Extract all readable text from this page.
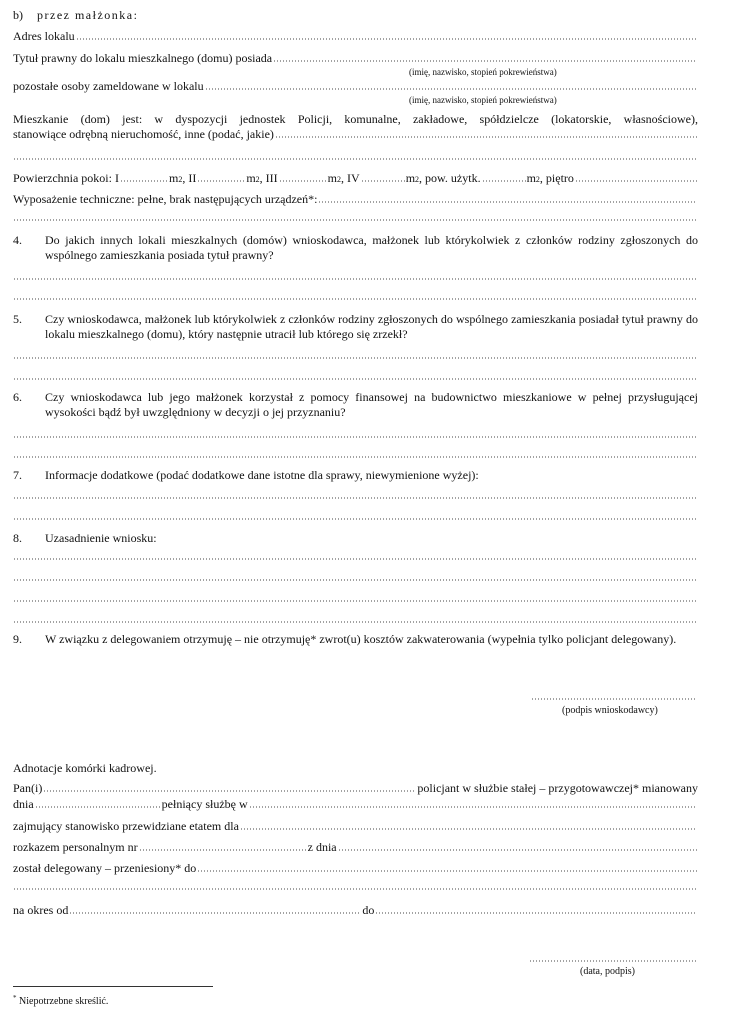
b) przez małżonka:
Adres lokalu
Tytuł prawny do lokalu mieszkalnego (domu) posiada
(imię, nazwisko, stopień pokrewieństwa)
pozostałe osoby zameldowane w lokalu
(imię, nazwisko, stopień pokrewieństwa)
Mieszkanie (dom) jest: w dyspozycji jednostek Policji, komunalne, zakładowe, spółdzielcze (lokatorskie, własnościowe),
stanowiące odrębną nieruchomość, inne (podać, jakie)
Powierzchnia pokoi: I	m 2 , II	m 2 , III	m 2 , IV	m 2 , pow. użytk.	m 2 , piętro
Wyposażenie techniczne: pełne, brak następujących urządzeń*:
4. Do jakich innych lokali mieszkalnych (domów) wnioskodawca, małżonek lub którykolwiek z członków rodziny zgłoszonych do wspólnego zamieszkania posiada tytuł prawny?
5. Czy wnioskodawca, małżonek lub którykolwiek z członków rodziny zgłoszonych do wspólnego zamieszkania posiadał tytuł prawny do lokalu mieszkalnego (domu), który następnie utracił lub którego się zrzekł?
6. Czy wnioskodawca lub jego małżonek korzystał z pomocy finansowej na budownictwo mieszkaniowe w pełnej przysługującej wysokości bądź był uwzględniony w decyzji o jej przyznaniu?
7. Informacje dodatkowe (podać dodatkowe dane istotne dla sprawy, niewymienione wyżej):
8. Uzasadnienie wniosku:
9. W związku z delegowaniem otrzymuję – nie otrzymuję* zwrot(u) kosztów zakwaterowania (wypełnia tylko policjant delegowany).
(podpis wnioskodawcy)
Adnotacje komórki kadrowej.
Pan(i)	policjant w służbie stałej – przygotowawczej* mianowany
dnia	pełniący służbę w
zajmujący stanowisko przewidziane etatem dla
rozkazem personalnym nr	z dnia
został delegowany – przeniesiony* do
na okres od	do
(data, podpis)
* Niepotrzebne skreślić.
